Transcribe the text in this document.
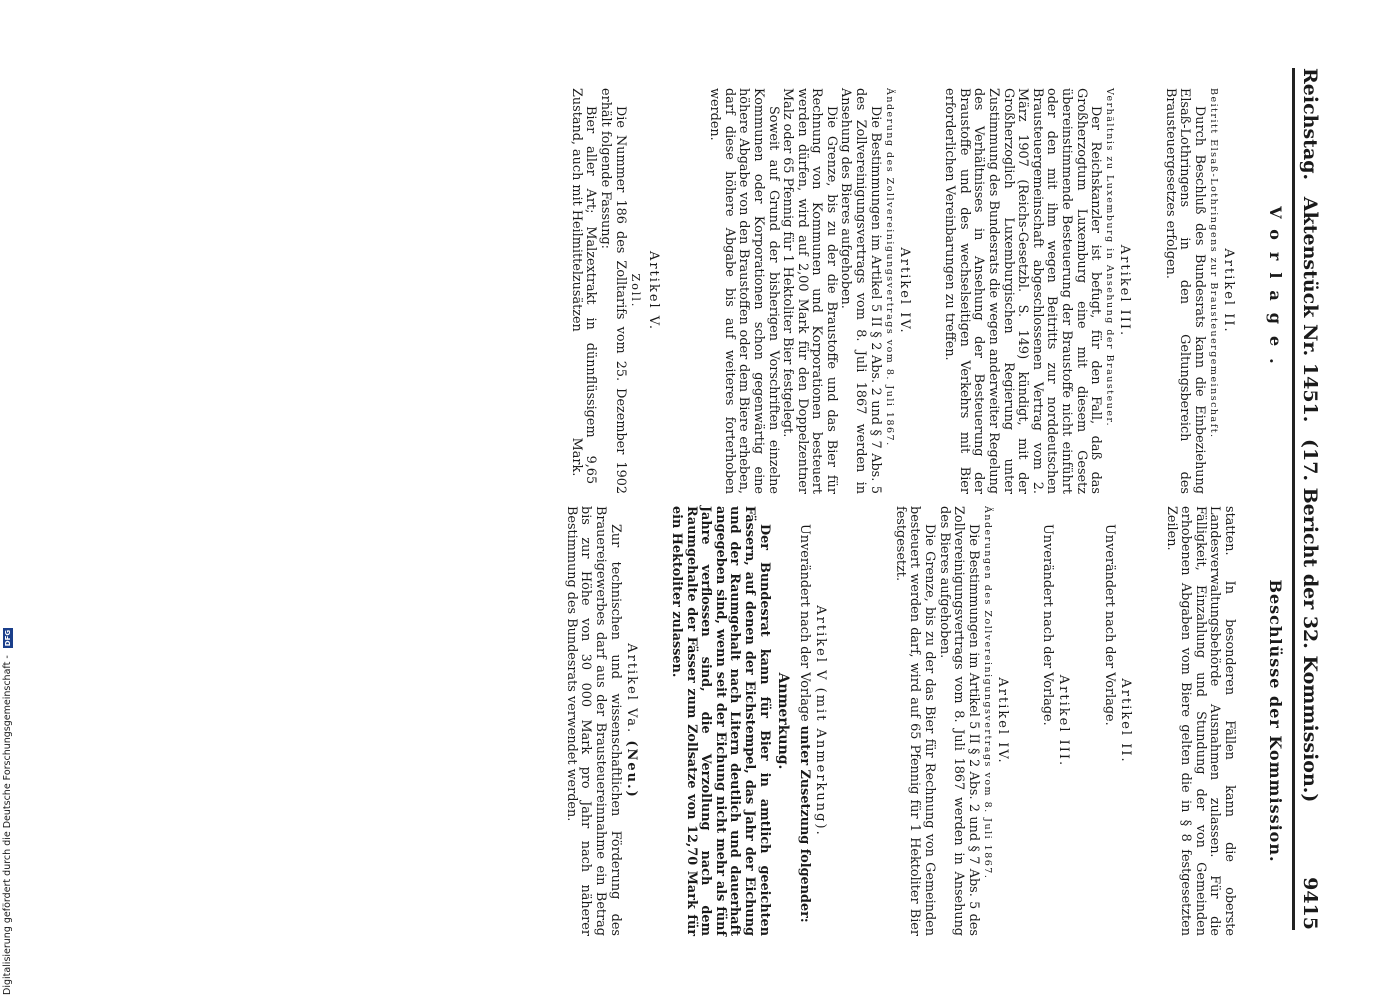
Reichstag. Aktenstück Nr. 1451. (17. Bericht der 32. Kommission.)
9415
Vorlage.
Artikel II.
Beitritt Elsaß-Lothringens zur Brausteuergemeinschaft.

Durch Beschluß des Bundesrats kann die Einbeziehung Elsaß-Lothringens in den Geltungsbereich des Brausteuergesetzes erfolgen.

Artikel III.
Verhältnis zu Luxemburg in Ansehung der Brausteuer.

Der Reichskanzler ist befugt, für den Fall, daß das Großherzogtum Luxemburg eine mit diesem Gesetz übereinstimmende Besteuerung der Braustoffe nicht einführt oder den mit ihm wegen Beitritts zur norddeutschen Brausteuergemeinschaft abgeschlossenen Vertrag vom 2. März 1907 (Reichs-Gesetzbl. S. 149) kündigt, mit der Großherzoglich Luxemburgischen Regierung unter Zustimmung des Bundesrats die wegen anderweiter Regelung des Verhältnisses in Ansehung der Besteuerung der Braustoffe und des wechselseitigen Verkehrs mit Bier erforderlichen Vereinbarungen zu treffen.

Artikel IV.
Änderung des Zollvereinigungsvertrags vom 8. Juli 1867.

Die Bestimmungen im Artikel 5 II § 2 Abs. 2 und § 7 Abs. 5 des Zollvereinigungsvertrags vom 8. Juli 1867 werden in Ansehung des Bieres aufgehoben.

Die Grenze, bis zu der die Braustoffe und das Bier für Rechnung von Kommunen und Korporationen besteuert werden dürfen, wird auf 2,00 Mark für den Doppelzentner Malz oder 65 Pfennig für 1 Hektoliter Bier festgelegt.

Soweit auf Grund der bisherigen Vorschriften einzelne Kommunen oder Korporationen schon gegenwärtig eine höhere Abgabe von den Braustoffen oder dem Biere erheben, darf diese höhere Abgabe bis auf weiteres forterhoben werden.

Artikel V.
Zoll.

Die Nummer 186 des Zolltarifs vom 25. Dezember 1902 erhält folgende Fassung:

Bier aller Art; Malzextrakt in dünnflüssigem Zustand, auch mit Heilmittelzusätzen
9,65 Mark.

Beschlüsse der Kommission.

statten. In besonderen Fällen kann die oberste Landesverwaltungsbehörde Ausnahmen zulassen. Für die Fälligkeit, Einzahlung und Stundung der von Gemeinden erhobenen Abgaben vom Biere gelten die in § 8 festgesetzten Zeilen.

Artikel II.

Unverändert nach der Vorlage.

Artikel III.

Unverändert nach der Vorlage.

Artikel IV.
Änderungen des Zollvereinigungsvertrags vom 8. Juli 1867.

Die Bestimmungen im Artikel 5 II § 2 Abs. 2 und § 7 Abs. 5 des Zollvereinigungsvertrags vom 8. Juli 1867 werden in Ansehung des Bieres aufgehoben.

Die Grenze, bis zu der das Bier für Rechnung von Gemeinden besteuert werden darf, wird auf 65 Pfennig für 1 Hektoliter Bier festgesetzt.

Artikel V (mit Anmerkung).

Unverändert nach der Vorlage unter Zusetzung folgender:

Anmerkung.

Der Bundesrat kann für Bier in amtlich geeichten Fässern, auf denen der Eichstempel, das Jahr der Eichung und der Raumgehalt nach Litern deutlich und dauerhaft angegeben sind, wenn seit der Eichung nicht mehr als fünf Jahre verflossen sind, die Verzollung nach dem Raumgehalte der Fässer zum Zollsatze von 12,70 Mark für ein Hektoliter zulassen.

Artikel Va. (Neu.)

Zur technischen und wissenschaftlichen Förderung des Brauereigewerbes darf aus der Brausteuereinnahme ein Betrag bis zur Höhe von 30 000 Mark pro Jahr nach näherer Bestimmung des Bundesrats verwendet werden.

Digitalisierung gefördert durch die Deutsche Forschungsgemeinschaft - DFG
